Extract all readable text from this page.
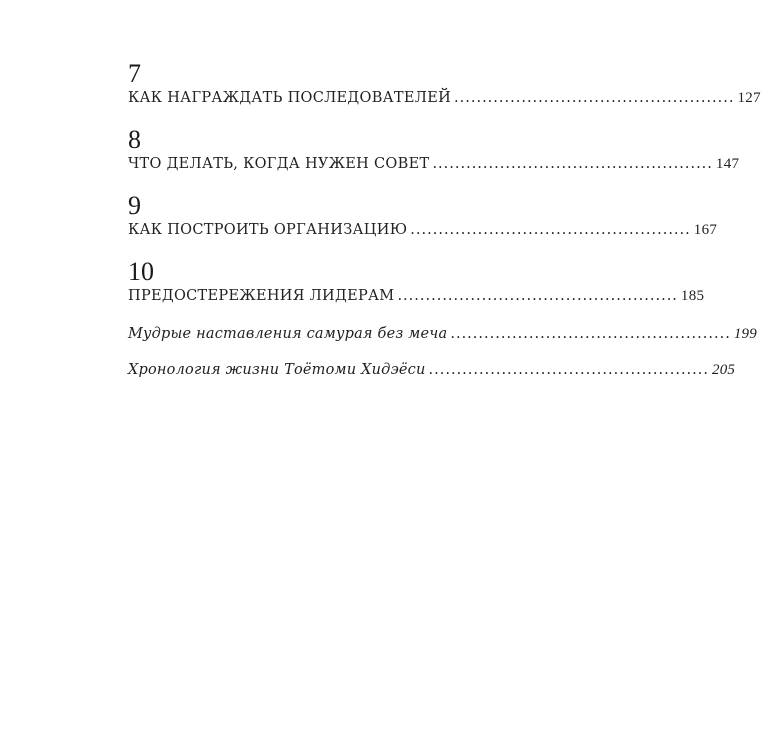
7
КАК НАГРАЖДАТЬ ПОСЛЕДОВАТЕЛЕЙ .................................................. 127
8
ЧТО ДЕЛАТЬ, КОГДА НУЖЕН СОВЕТ .................................................. 147
9
КАК ПОСТРОИТЬ ОРГАНИЗАЦИЮ .................................................. 167
10
ПРЕДОСТЕРЕЖЕНИЯ ЛИДЕРАМ .................................................. 185
Мудрые наставления самурая без меча .................................................. 199
Хронология жизни Тоётоми Хидэёси .................................................. 205
